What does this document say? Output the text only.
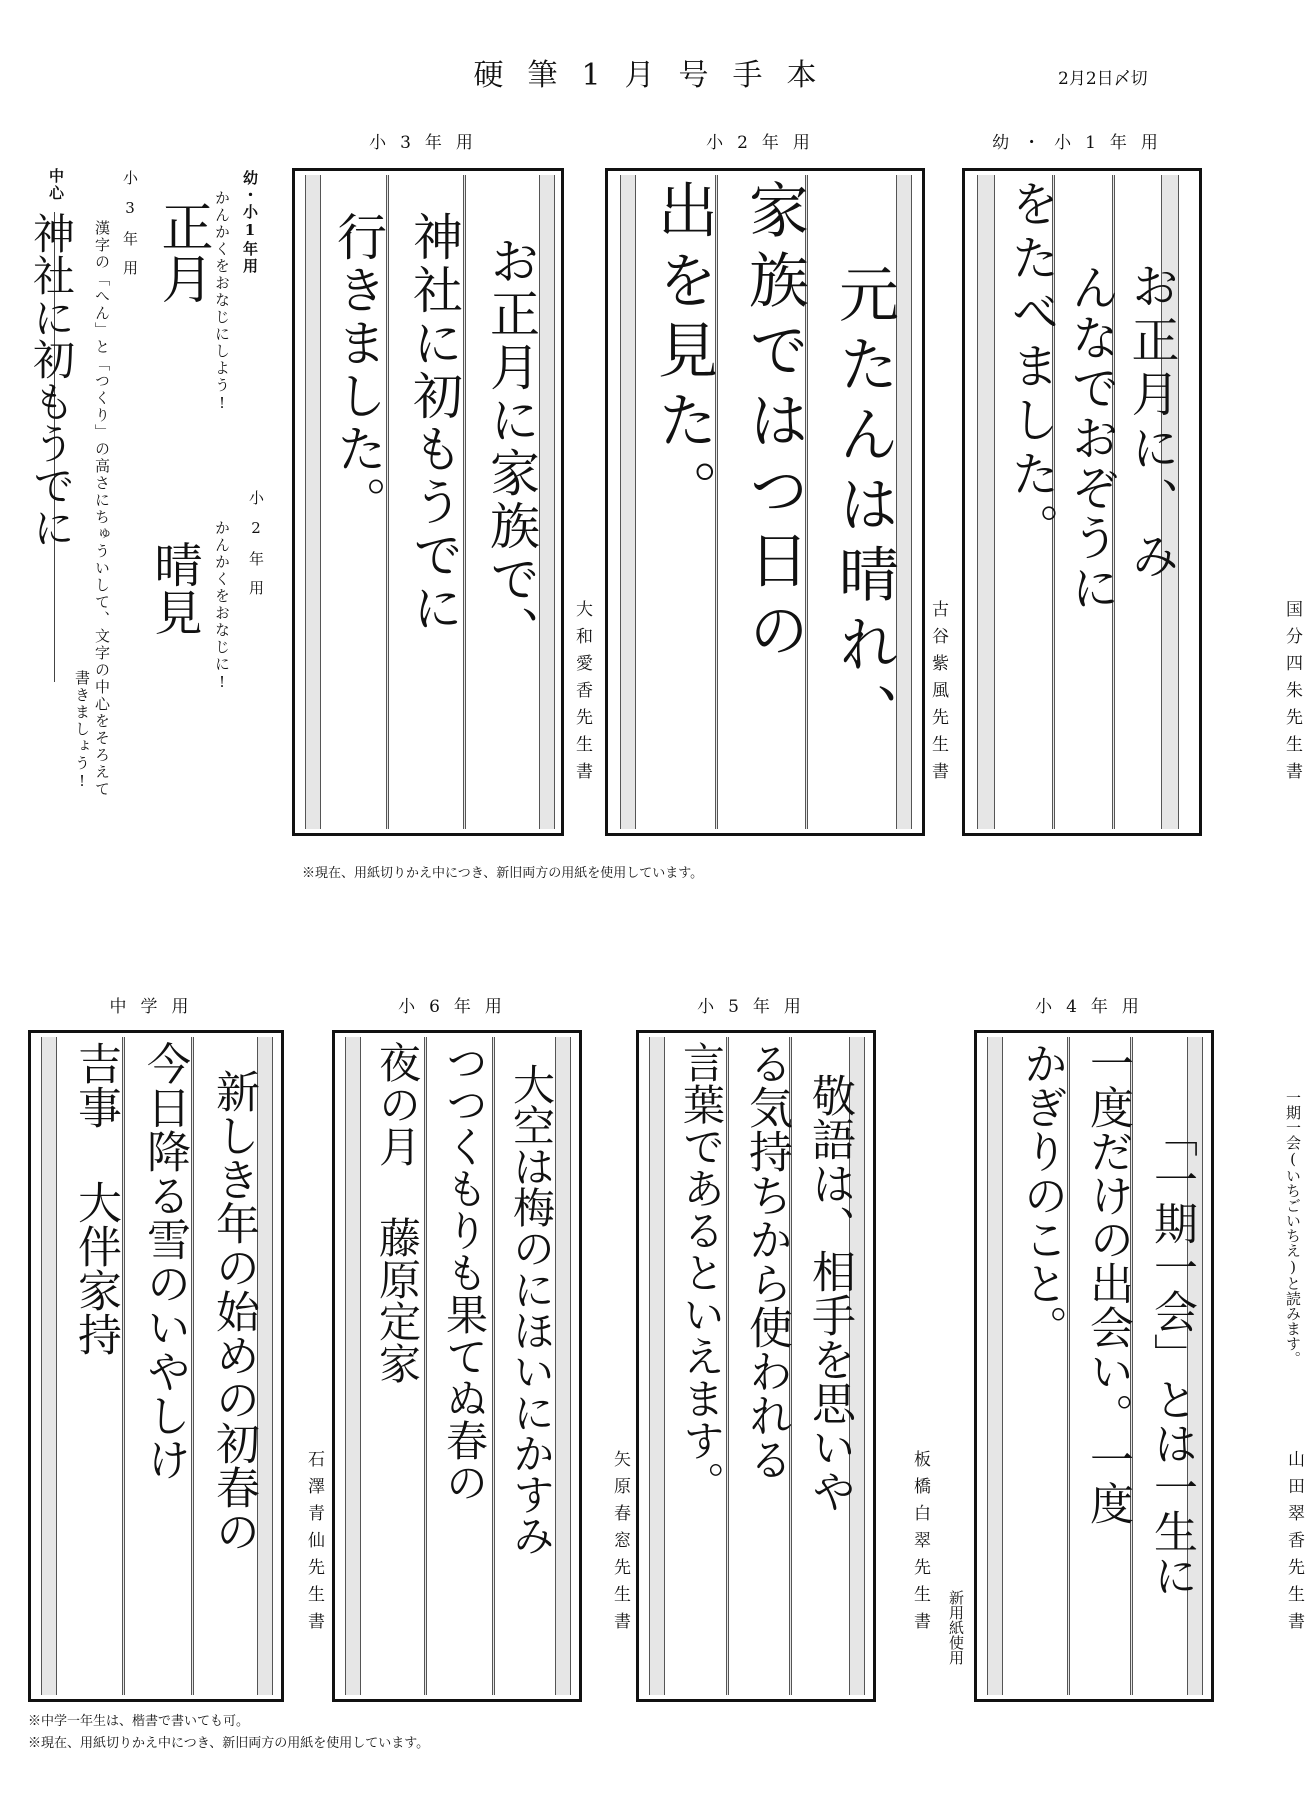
硬筆1月号手本	2月2日〆切
幼・小1年用
かんかくをおなじにしよう!
正月
小2年用
かんかくをおなじに!
晴見
小3年用
漢字の「へん」と「つくり」の高さにちゅういして、文字の中心をそろえて
書きましょう!
中心
神社に初もうでに
幼・小1年用
お正月に、み
んなでおぞうに
をたべました。
国分四朱先生書
小2年用
元たんは晴れ、
家族ではつ日の
出を見た。
古谷紫風先生書
小3年用
お正月に家族で、
神社に初もうでに
行きました。
大和愛香先生書
※現在、用紙切りかえ中につき、新旧両方の用紙を使用しています。
小4年用
「一期一会」とは一生に
一度だけの出会い。一度
かぎりのこと。	一期一会(いちごいちえ)と読みます。
山田翠香先生書
小5年用
敬語は、相手を思いや
る気持ちから使われる
言葉であるといえます。
板橋白翠先生書 新用紙使用
小6年用
大空は梅のにほいにかすみ
つつくもりも果てぬ春の
夜の月 藤原定家
矢原春窓先生書
中学用
新しき年の始めの初春の
今日降る雪のいやしけ
吉事 大伴家持
石澤青仙先生書
※中学一年生は、楷書で書いても可。
※現在、用紙切りかえ中につき、新旧両方の用紙を使用しています。
